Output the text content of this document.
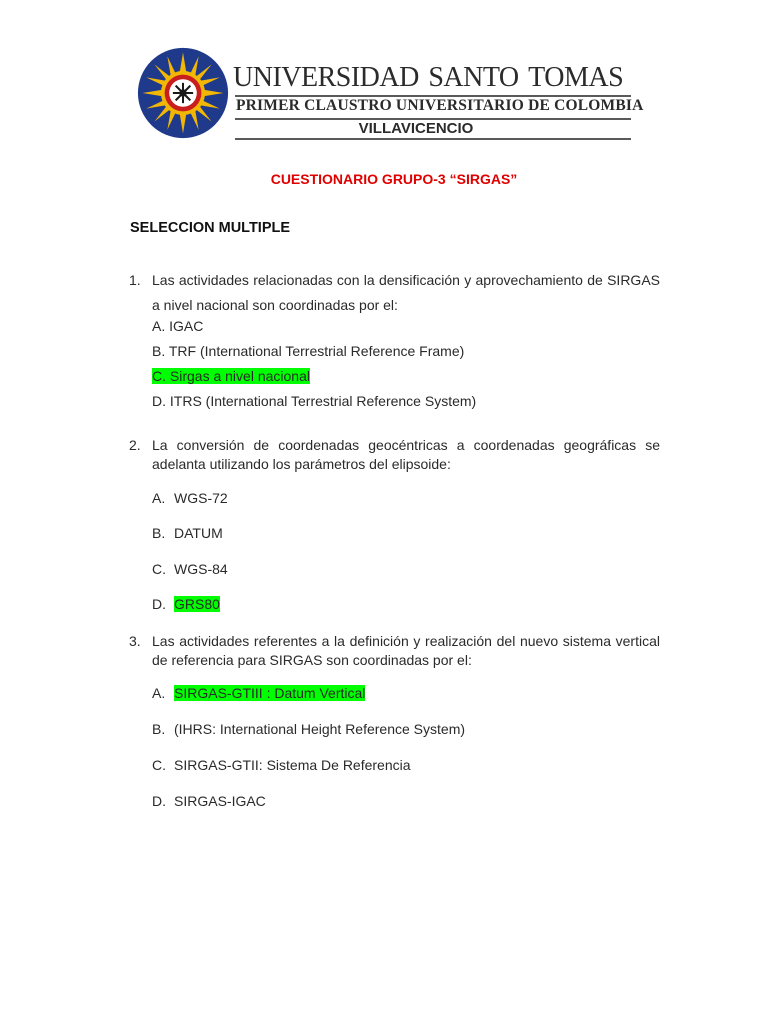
universidad santo tomas
PRIMER CLAUSTRO UNIVERSITARIO DE COLOMBIA
VILLAVICENCIO
CUESTIONARIO GRUPO-3 “SIRGAS”
SELECCION MULTIPLE
1. Las actividades relacionadas con la densificación y aprovechamiento de SIRGAS a nivel nacional son coordinadas por el:
A. IGAC
B. TRF (International Terrestrial Reference Frame)
C. Sirgas a nivel nacional
D. ITRS (International Terrestrial Reference System)
2. La conversión de coordenadas geocéntricas a coordenadas geográficas se adelanta utilizando los parámetros del elipsoide:
A. WGS-72
B. DATUM
C. WGS-84
D. GRS80
3. Las actividades referentes a la definición y realización del nuevo sistema vertical de referencia para SIRGAS son coordinadas por el:
A. SIRGAS-GTIII : Datum Vertical
B. (IHRS: International Height Reference System)
C. SIRGAS-GTII: Sistema De Referencia
D. SIRGAS-IGAC
